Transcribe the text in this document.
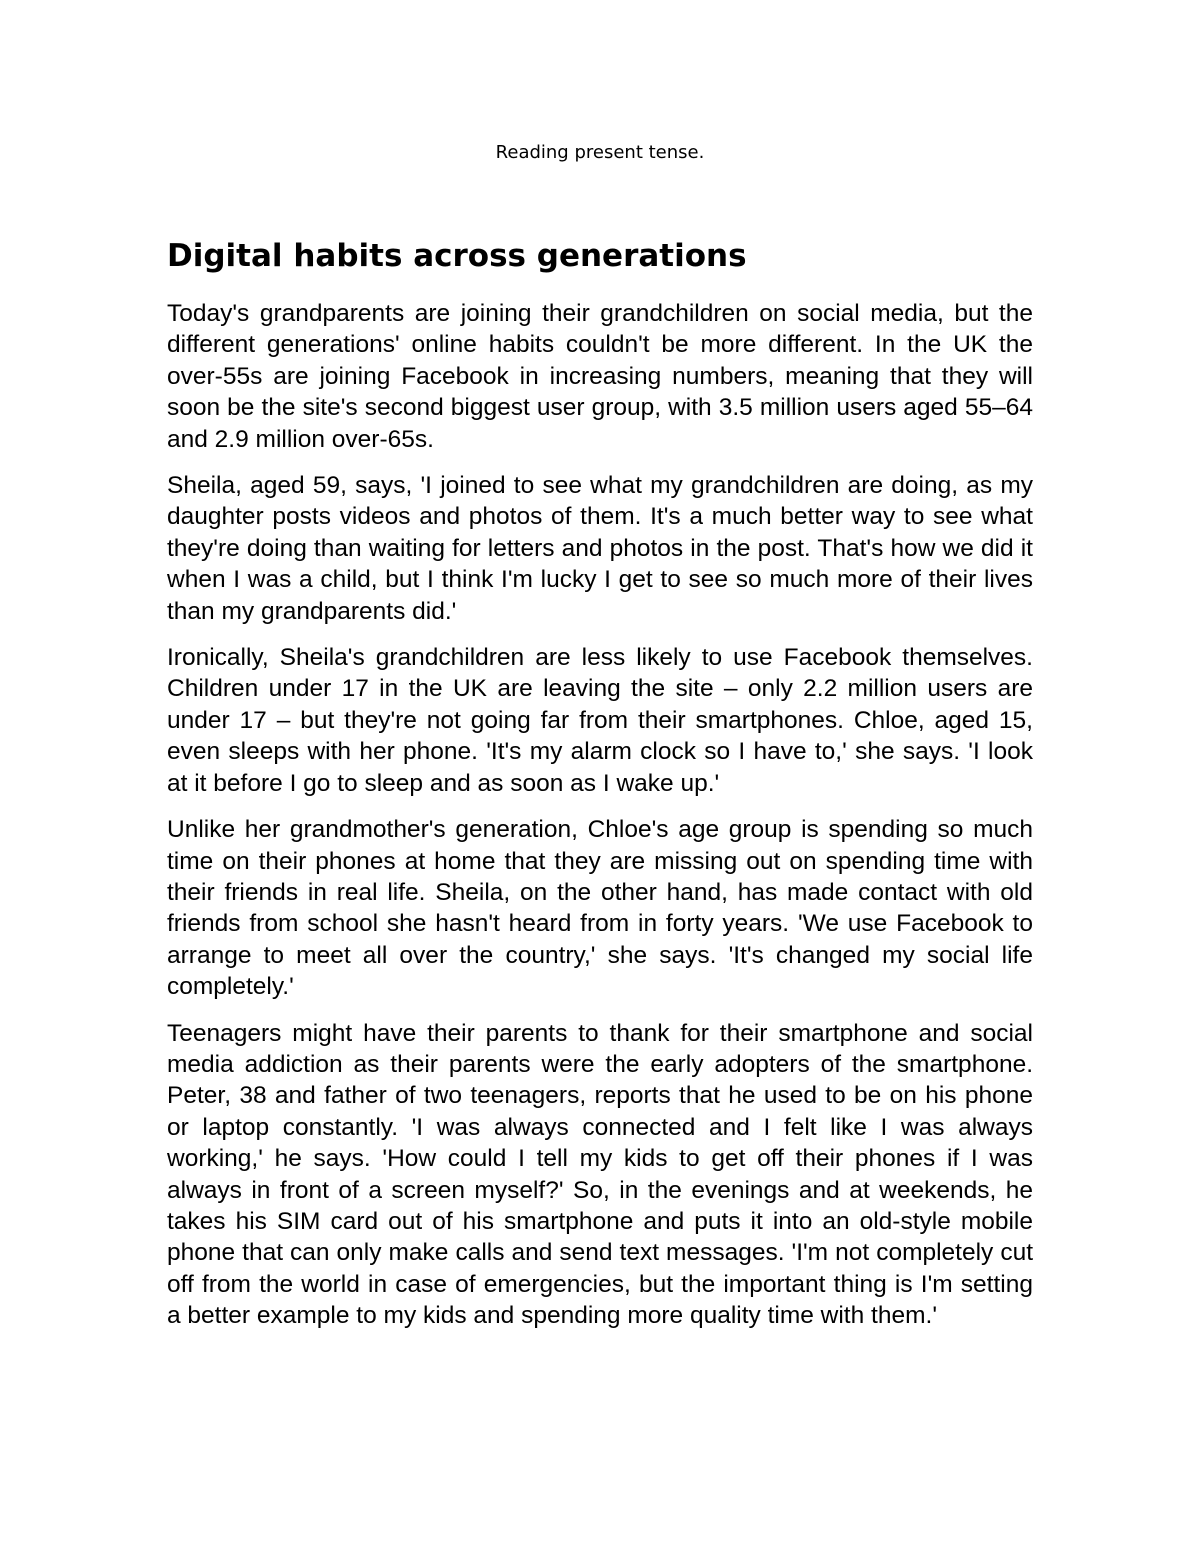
Reading present tense.
Digital habits across generations

Today's grandparents are joining their grandchildren on social media, but the different generations' online habits couldn't be more different. In the UK the over-55s are joining Facebook in increasing numbers, meaning that they will soon be the site's second biggest user group, with 3.5 million users aged 55–64 and 2.9 million over-65s.

Sheila, aged 59, says, 'I joined to see what my grandchildren are doing, as my daughter posts videos and photos of them. It's a much better way to see what they're doing than waiting for letters and photos in the post. That's how we did it when I was a child, but I think I'm lucky I get to see so much more of their lives than my grandparents did.'

Ironically, Sheila's grandchildren are less likely to use Facebook themselves. Children under 17 in the UK are leaving the site – only 2.2 million users are under 17 – but they're not going far from their smartphones. Chloe, aged 15, even sleeps with her phone. 'It's my alarm clock so I have to,' she says. 'I look at it before I go to sleep and as soon as I wake up.'

Unlike her grandmother's generation, Chloe's age group is spending so much time on their phones at home that they are missing out on spending time with their friends in real life. Sheila, on the other hand, has made contact with old friends from school she hasn't heard from in forty years. 'We use Facebook to arrange to meet all over the country,' she says. 'It's changed my social life completely.'

Teenagers might have their parents to thank for their smartphone and social media addiction as their parents were the early adopters of the smartphone. Peter, 38 and father of two teenagers, reports that he used to be on his phone or laptop constantly. 'I was always connected and I felt like I was always working,' he says. 'How could I tell my kids to get off their phones if I was always in front of a screen myself?' So, in the evenings and at weekends, he takes his SIM card out of his smartphone and puts it into an old-style mobile phone that can only make calls and send text messages. 'I'm not completely cut off from the world in case of emergencies, but the important thing is I'm setting a better example to my kids and spending more quality time with them.'
